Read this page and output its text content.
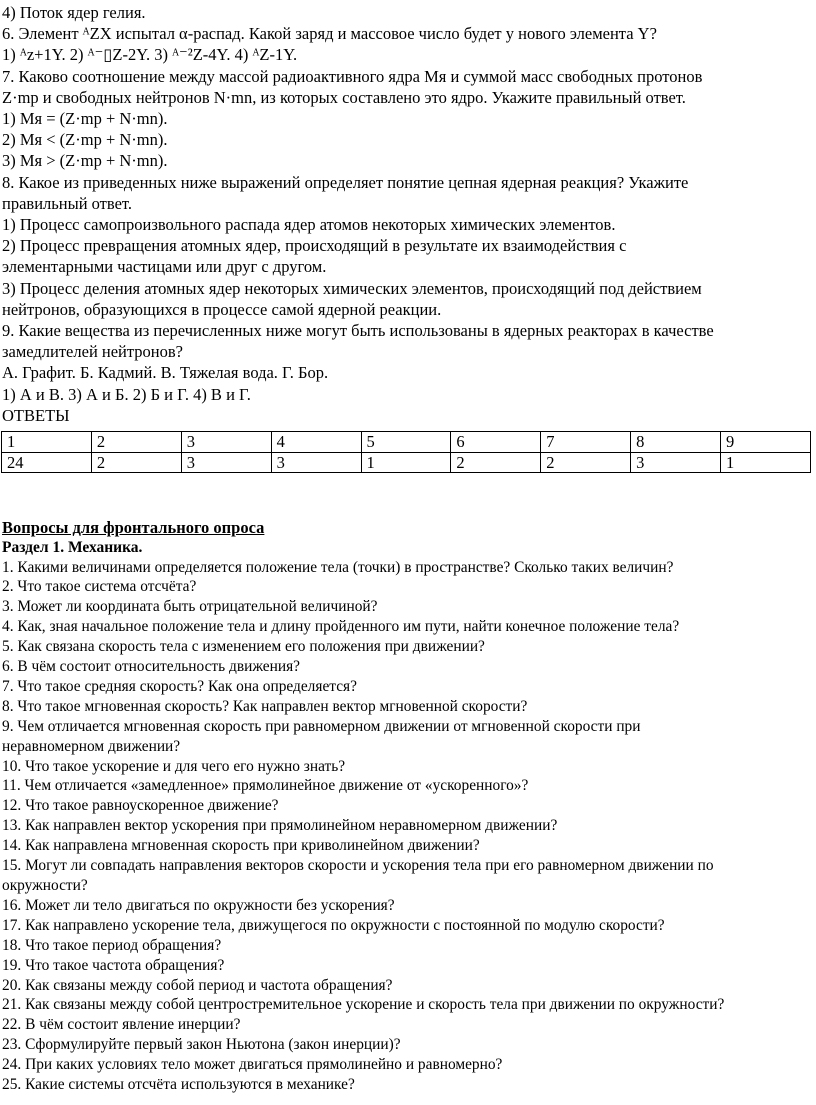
4) Поток ядер гелия.
6. Элемент ᴬZX испытал α-распад. Какой заряд и массовое число будет у нового элемента Y?
1) ᴬz+1Y. 2) ᴬ⁻▯Z-2Y. 3) ᴬ⁻²Z-4Y. 4) ᴬZ-1Y.
7. Каково соотношение между массой радиоактивного ядра Мя и суммой масс свободных протонов
Z·mp и свободных нейтронов N·mn, из которых составлено это ядро. Укажите правильный ответ.
1) Мя = (Z·mp + N·mn).
2) Мя < (Z·mp + N·mn).
3) Мя > (Z·mp + N·mn).
8. Какое из приведенных ниже выражений определяет понятие цепная ядерная реакция? Укажите
правильный ответ.
1) Процесс самопроизвольного распада ядер атомов некоторых химических элементов.
2) Процесс превращения атомных ядер, происходящий в результате их взаимодействия с
элементарными частицами или друг с другом.
3) Процесс деления атомных ядер некоторых химических элементов, происходящий под действием
нейтронов, образующихся в процессе самой ядерной реакции.
9. Какие вещества из перечисленных ниже могут быть использованы в ядерных реакторах в качестве
замедлителей нейтронов?
А. Графит. Б. Кадмий. В. Тяжелая вода. Г. Бор.
1) А и В. 3) А и Б. 2) Б и Г. 4) В и Г.
ОТВЕТЫ
1	2	3	4	5	6	7	8	9
24	2	3	3	1	2	2	3	1
Вопросы для фронтального опроса
Раздел 1. Механика.
1. Какими величинами определяется положение тела (точки) в пространстве? Сколько таких величин?
2. Что такое система отсчёта?
3. Может ли координата быть отрицательной величиной?
4. Как, зная начальное положение тела и длину пройденного им пути, найти конечное положение тела?
5. Как связана скорость тела с изменением его положения при движении?
6. В чём состоит относительность движения?
7. Что такое средняя скорость? Как она определяется?
8. Что такое мгновенная скорость? Как направлен вектор мгновенной скорости?
9. Чем отличается мгновенная скорость при равномерном движении от мгновенной скорости при
неравномерном движении?
10. Что такое ускорение и для чего его нужно знать?
11. Чем отличается «замедленное» прямолинейное движение от «ускоренного»?
12. Что такое равноускоренное движение?
13. Как направлен вектор ускорения при прямолинейном неравномерном движении?
14. Как направлена мгновенная скорость при криволинейном движении?
15. Могут ли совпадать направления векторов скорости и ускорения тела при его равномерном движении по
окружности?
16. Может ли тело двигаться по окружности без ускорения?
17. Как направлено ускорение тела, движущегося по окружности с постоянной по модулю скорости?
18. Что такое период обращения?
19. Что такое частота обращения?
20. Как связаны между собой период и частота обращения?
21. Как связаны между собой центростремительное ускорение и скорость тела при движении по окружности?
22. В чём состоит явление инерции?
23. Сформулируйте первый закон Ньютона (закон инерции)?
24. При каких условиях тело может двигаться прямолинейно и равномерно?
25. Какие системы отсчёта используются в механике?
